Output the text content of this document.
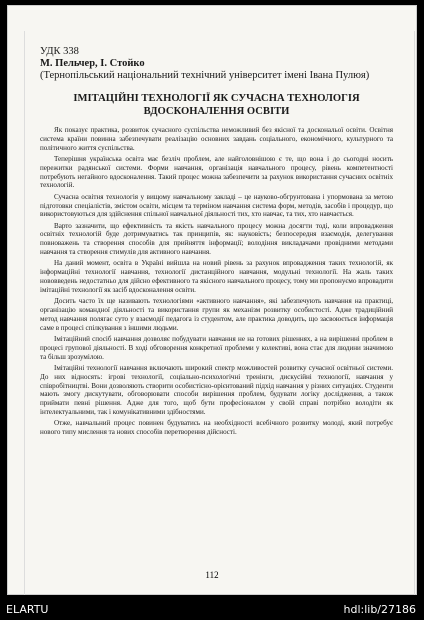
УДК 338

М. Пельчер, І. Стойко

(Тернопільський національний технічний університет імені Івана Пулюя)

ІМІТАЦІЙНІ ТЕХНОЛОГІЇ ЯК СУЧАСНА ТЕХНОЛОГІЯ ВДОСКОНАЛЕННЯ ОСВІТИ

Як показує практика, розвиток сучасного суспільства неможливий без якісної та доскональої освіти. Освітня система країни повинна забезпечувати реалізацію основних завдань соціального, економічного, культурного та політичного життя суспільства.

Теперішня українська освіта має безліч проблем, але найголовнішою є те, що вона і до сьогодні носить пережитки радянської системи. Форми навчання, організація навчального процесу, рівень компетентності потребують негайного вдосконалення. Такий процес можна забезпечити за рахунок використання сучасних освітніх технологій.

Сучасна освітня технологія у вищому навчальному закладі – це науково-обгрунтована і упормована за метою підготовки спеціалістів, змістом освіти, місцем та терміном навчання система форм, методів, засобів і процедур, що використовуються для здійснення спільної навчальної діяльності тих, хто навчає, та тих, хто навчається.

Варто зазначити, що ефективність та якість навчального процесу можна досягти тоді, коли впровадження освітніх технологій буде дотримуватись так принципів, як: науковість; безпосередня взаємодія, делегування повноважень та створення способів для прийняття інформації; володіння викладачами провідними методами навчання та створення стимулів для активного навчання.

На даний момент, освіта в Україні вийшла на новий рівень за рахунок впровадження таких технологій, як інформаційні технології навчання, технології дистанційного навчання, модульні технології. На жаль таких нововведень недостатньо для дійсно ефективного та якісного навчального процесу, тому ми пропонуємо впровадити імітаційні технології як засіб вдосконалення освіти.

Досить часто їх ще називають технологіями «активного навчання», які забезпечують навчання на практиці, організацію командної діяльності та використання групи як механізм розвитку особистості. Адже традиційний метод навчання полягає суто у взаємодії педагога із студентом, але практика доводить, що засвоюється інформація саме в процесі спілкування з іншими людьми.

Імітаційний спосіб навчання дозволяє побудувати навчання не на готових рішеннях, а на вирішенні проблем в процесі групової діяльності. В ході обговорення конкретної проблеми у колективі, вона стає для людини значимою та більш зрозумілою.

Імітаційні технології навчання включають широкий спектр можливостей розвитку сучасної освітньої системи. До них відносять: ігрові технології, соціально-психологічні тренінги, дискусійні технології, навчання у співробітництві. Вони дозволяють створити особистісно-орієнтований підхід навчання у різних ситуаціях. Студенти мають змогу дискутувати, обговорювати способи вирішення проблем, будувати логіку дослідження, а також приймати певні рішення. Адже для того, щоб бути професіоналом у своїй справі потрібно володіти як інтелектуальними, так і комунікативними здібностями.

Отже, навчальний процес повинен будуватись на необхідності всебічного розвитку молоді, який потребує нового типу мислення та нових способів перетворення дійсності.

112
ELARTU	hdl:lib/27186
